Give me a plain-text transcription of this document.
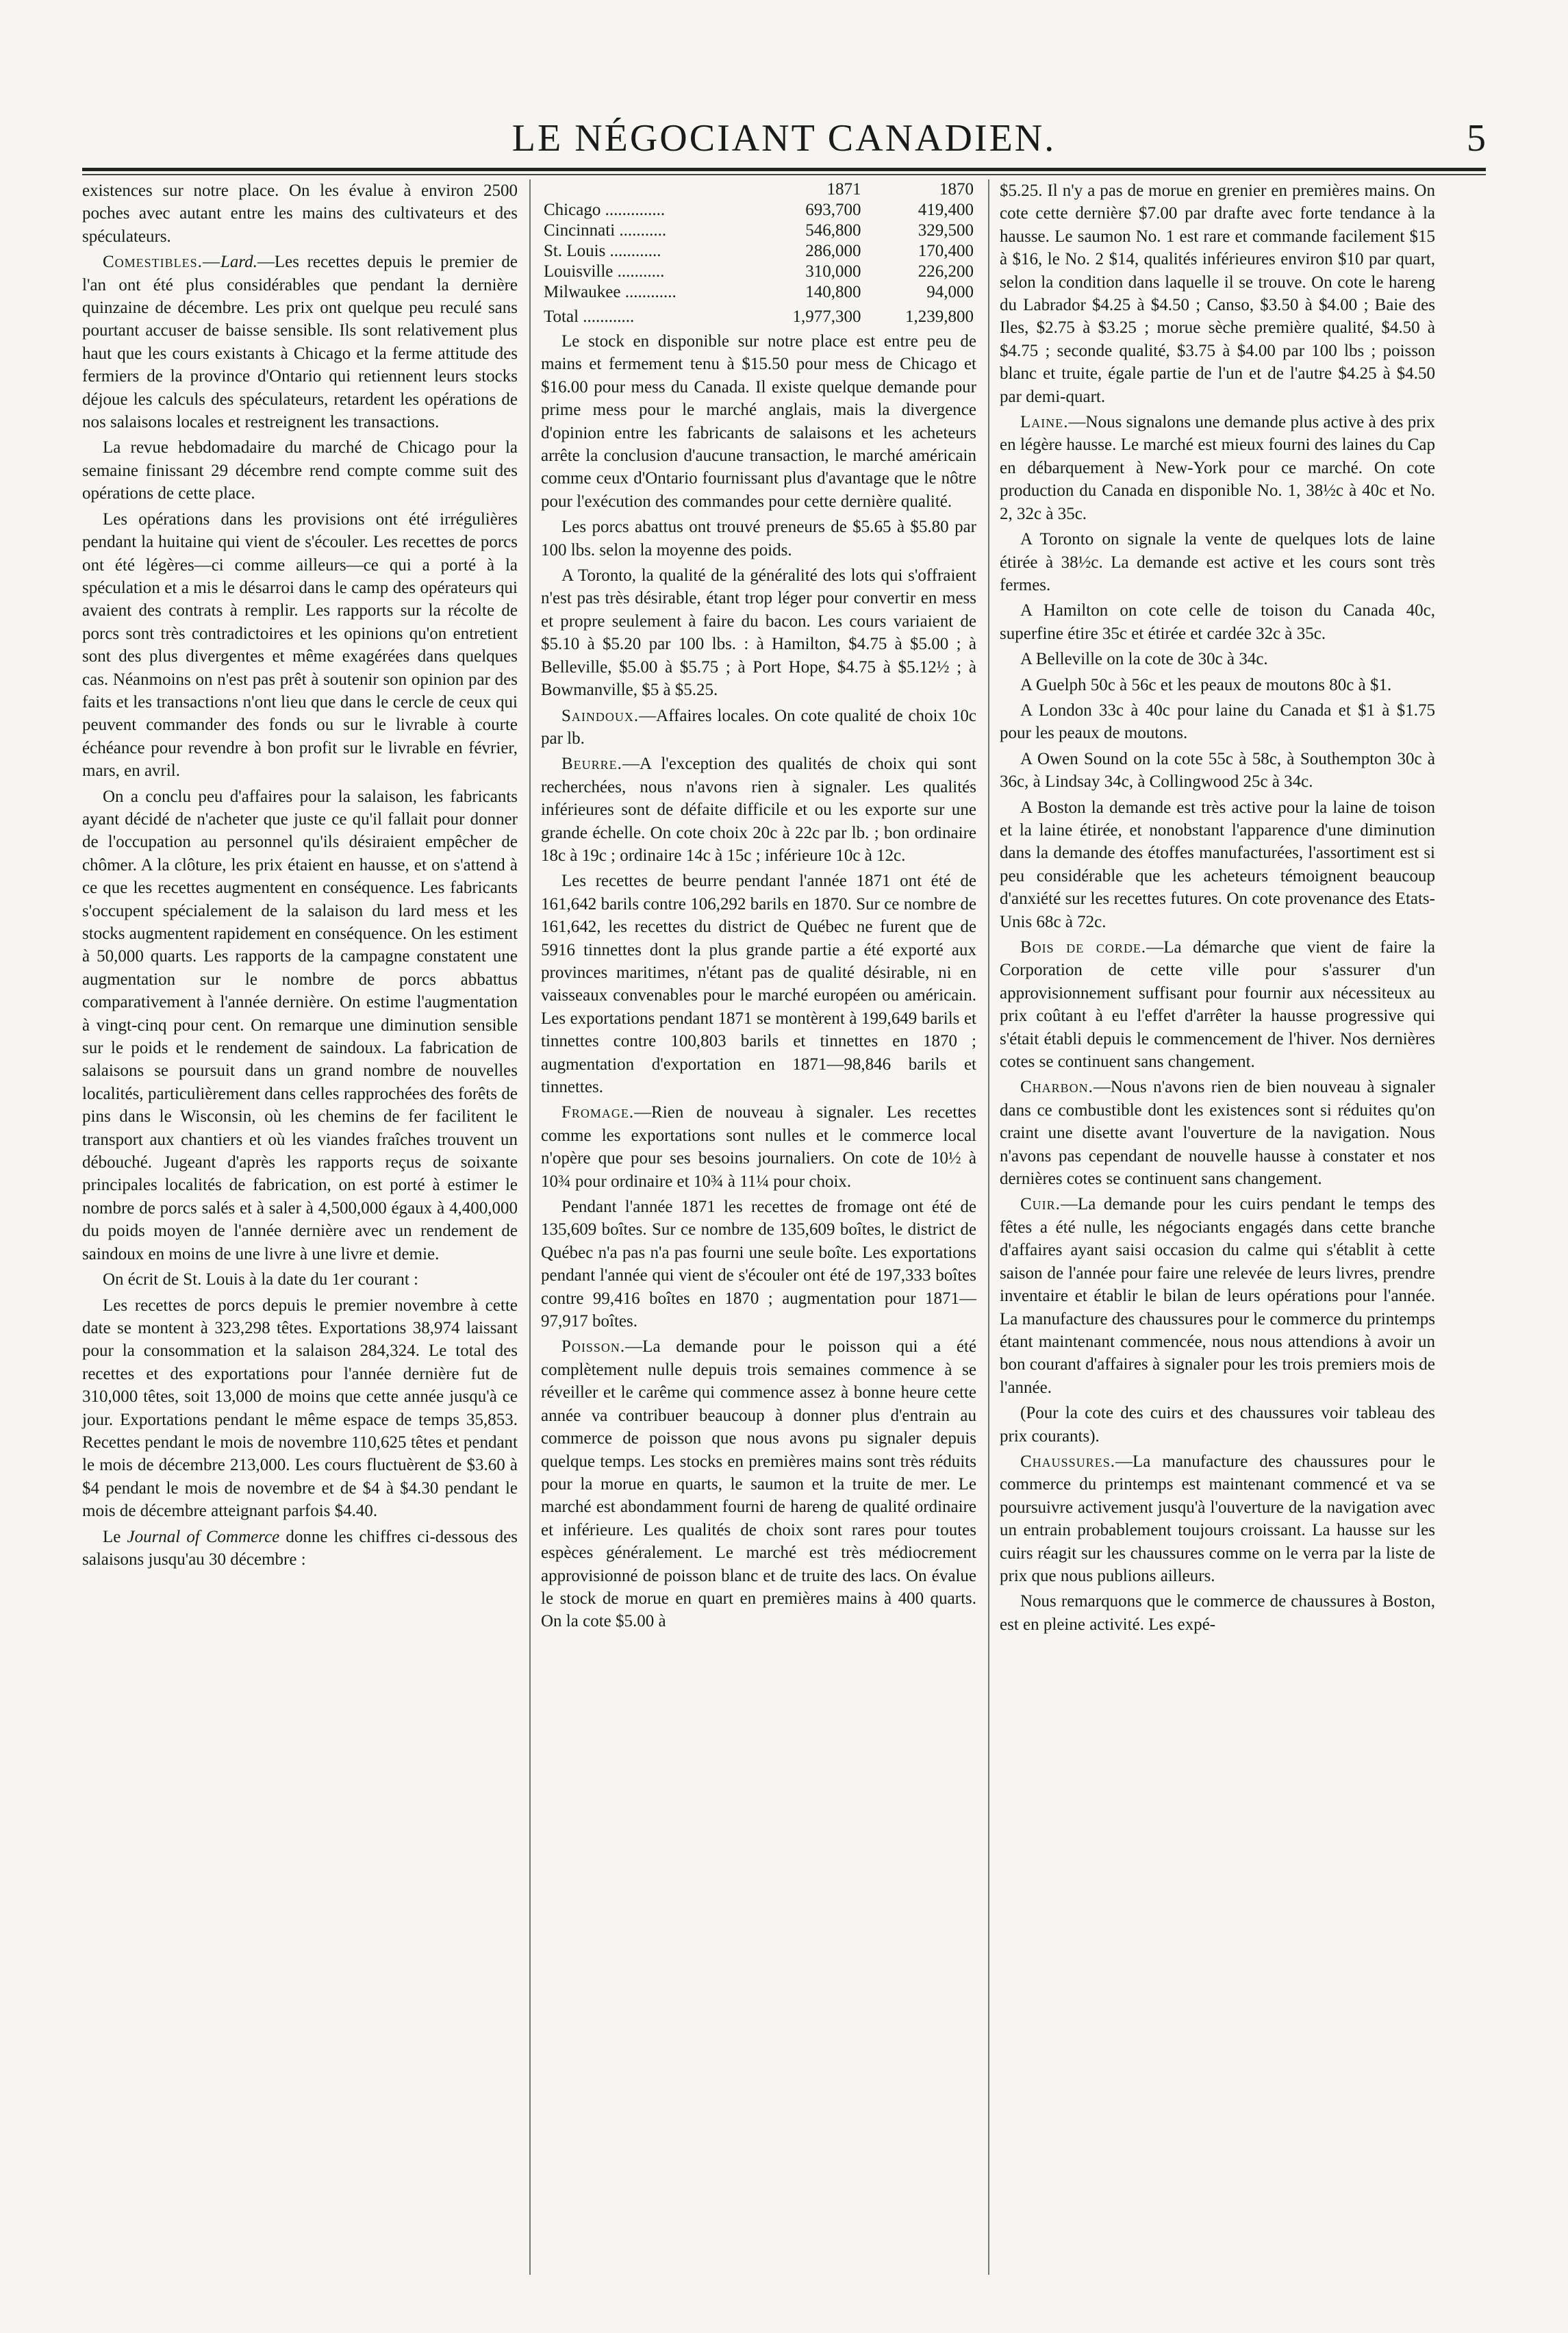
LE NÉGOCIANT CANADIEN.	5

existences sur notre place. On les évalue à environ 2500 poches avec autant entre les mains des cultivateurs et des spéculateurs.

Comestibles.—Lard.—Les recettes depuis le premier de l'an ont été plus considérables que pendant la dernière quinzaine de décembre. Les prix ont quelque peu reculé sans pourtant accuser de baisse sensible. Ils sont relativement plus haut que les cours existants à Chicago et la ferme attitude des fermiers de la province d'Ontario qui retiennent leurs stocks déjoue les calculs des spéculateurs, retardent les opérations de nos salaisons locales et restreignent les transactions.

La revue hebdomadaire du marché de Chicago pour la semaine finissant 29 décembre rend compte comme suit des opérations de cette place.

Les opérations dans les provisions ont été irrégulières pendant la huitaine qui vient de s'écouler. Les recettes de porcs ont été légères—ci comme ailleurs—ce qui a porté à la spéculation et a mis le désarroi dans le camp des opérateurs qui avaient des contrats à remplir. Les rapports sur la récolte de porcs sont très contradictoires et les opinions qu'on entretient sont des plus divergentes et même exagérées dans quelques cas. Néanmoins on n'est pas prêt à soutenir son opinion par des faits et les transactions n'ont lieu que dans le cercle de ceux qui peuvent commander des fonds ou sur le livrable à courte échéance pour revendre à bon profit sur le livrable en février, mars, en avril.

On a conclu peu d'affaires pour la salaison, les fabricants ayant décidé de n'acheter que juste ce qu'il fallait pour donner de l'occupation au personnel qu'ils désiraient empêcher de chômer. A la clôture, les prix étaient en hausse, et on s'attend à ce que les recettes augmentent en conséquence. Les fabricants s'occupent spécialement de la salaison du lard mess et les stocks augmentent rapidement en conséquence. On les estiment à 50,000 quarts. Les rapports de la campagne constatent une augmentation sur le nombre de porcs abbattus comparativement à l'année dernière. On estime l'augmentation à vingt-cinq pour cent. On remarque une diminution sensible sur le poids et le rendement de saindoux. La fabrication de salaisons se poursuit dans un grand nombre de nouvelles localités, particulièrement dans celles rapprochées des forêts de pins dans le Wisconsin, où les chemins de fer facilitent le transport aux chantiers et où les viandes fraîches trouvent un débouché. Jugeant d'après les rapports reçus de soixante principales localités de fabrication, on est porté à estimer le nombre de porcs salés et à saler à 4,500,000 égaux à 4,400,000 du poids moyen de l'année dernière avec un rendement de saindoux en moins de une livre à une livre et demie.

On écrit de St. Louis à la date du 1er courant :

Les recettes de porcs depuis le premier novembre à cette date se montent à 323,298 têtes. Exportations 38,974 laissant pour la consommation et la salaison 284,324. Le total des recettes et des exportations pour l'année dernière fut de 310,000 têtes, soit 13,000 de moins que cette année jusqu'à ce jour. Exportations pendant le même espace de temps 35,853. Recettes pendant le mois de novembre 110,625 têtes et pendant le mois de décembre 213,000. Les cours fluctuèrent de $3.60 à $4 pendant le mois de novembre et de $4 à $4.30 pendant le mois de décembre atteignant parfois $4.40.

Le Journal of Commerce donne les chiffres ci-dessous des salaisons jusqu'au 30 décembre :

	1871	1870
Chicago ..............	693,700	419,400
Cincinnati ...........	546,800	329,500
St. Louis ............	286,000	170,400
Louisville ...........	310,000	226,200
Milwaukee ............	140,800	94,000
Total ............	1,977,300	1,239,800

Le stock en disponible sur notre place est entre peu de mains et fermement tenu à $15.50 pour mess de Chicago et $16.00 pour mess du Canada. Il existe quelque demande pour prime mess pour le marché anglais, mais la divergence d'opinion entre les fabricants de salaisons et les acheteurs arrête la conclusion d'aucune transaction, le marché américain comme ceux d'Ontario fournissant plus d'avantage que le nôtre pour l'exécution des commandes pour cette dernière qualité.

Les porcs abattus ont trouvé preneurs de $5.65 à $5.80 par 100 lbs. selon la moyenne des poids.

A Toronto, la qualité de la généralité des lots qui s'offraient n'est pas très désirable, étant trop léger pour convertir en mess et propre seulement à faire du bacon. Les cours variaient de $5.10 à $5.20 par 100 lbs. : à Hamilton, $4.75 à $5.00 ; à Belleville, $5.00 à $5.75 ; à Port Hope, $4.75 à $5.12½ ; à Bowmanville, $5 à $5.25.

Saindoux.—Affaires locales. On cote qualité de choix 10c par lb.

Beurre.—A l'exception des qualités de choix qui sont recherchées, nous n'avons rien à signaler. Les qualités inférieures sont de défaite difficile et ou les exporte sur une grande échelle. On cote choix 20c à 22c par lb. ; bon ordinaire 18c à 19c ; ordinaire 14c à 15c ; inférieure 10c à 12c.

Les recettes de beurre pendant l'année 1871 ont été de 161,642 barils contre 106,292 barils en 1870. Sur ce nombre de 161,642, les recettes du district de Québec ne furent que de 5916 tinnettes dont la plus grande partie a été exporté aux provinces maritimes, n'étant pas de qualité désirable, ni en vaisseaux convenables pour le marché européen ou américain. Les exportations pendant 1871 se montèrent à 199,649 barils et tinnettes contre 100,803 barils et tinnettes en 1870 ; augmentation d'exportation en 1871—98,846 barils et tinnettes.

Fromage.—Rien de nouveau à signaler. Les recettes comme les exportations sont nulles et le commerce local n'opère que pour ses besoins journaliers. On cote de 10½ à 10¾ pour ordinaire et 10¾ à 11¼ pour choix.

Pendant l'année 1871 les recettes de fromage ont été de 135,609 boîtes. Sur ce nombre de 135,609 boîtes, le district de Québec n'a pas n'a pas fourni une seule boîte. Les exportations pendant l'année qui vient de s'écouler ont été de 197,333 boîtes contre 99,416 boîtes en 1870 ; augmentation pour 1871—97,917 boîtes.

Poisson.—La demande pour le poisson qui a été complètement nulle depuis trois semaines commence à se réveiller et le carême qui commence assez à bonne heure cette année va contribuer beaucoup à donner plus d'entrain au commerce de poisson que nous avons pu signaler depuis quelque temps. Les stocks en premières mains sont très réduits pour la morue en quarts, le saumon et la truite de mer. Le marché est abondamment fourni de hareng de qualité ordinaire et inférieure. Les qualités de choix sont rares pour toutes espèces généralement. Le marché est très médiocrement approvisionné de poisson blanc et de truite des lacs. On évalue le stock de morue en quart en premières mains à 400 quarts. On la cote $5.00 à

$5.25. Il n'y a pas de morue en grenier en premières mains. On cote cette dernière $7.00 par drafte avec forte tendance à la hausse. Le saumon No. 1 est rare et commande facilement $15 à $16, le No. 2 $14, qualités inférieures environ $10 par quart, selon la condition dans laquelle il se trouve. On cote le hareng du Labrador $4.25 à $4.50 ; Canso, $3.50 à $4.00 ; Baie des Iles, $2.75 à $3.25 ; morue sèche première qualité, $4.50 à $4.75 ; seconde qualité, $3.75 à $4.00 par 100 lbs ; poisson blanc et truite, égale partie de l'un et de l'autre $4.25 à $4.50 par demi-quart.

Laine.—Nous signalons une demande plus active à des prix en légère hausse. Le marché est mieux fourni des laines du Cap en débarquement à New-York pour ce marché. On cote production du Canada en disponible No. 1, 38½c à 40c et No. 2, 32c à 35c.

A Toronto on signale la vente de quelques lots de laine étirée à 38½c. La demande est active et les cours sont très fermes.

A Hamilton on cote celle de toison du Canada 40c, superfine étire 35c et étirée et cardée 32c à 35c.

A Belleville on la cote de 30c à 34c.

A Guelph 50c à 56c et les peaux de moutons 80c à $1.

A London 33c à 40c pour laine du Canada et $1 à $1.75 pour les peaux de moutons.

A Owen Sound on la cote 55c à 58c, à Southempton 30c à 36c, à Lindsay 34c, à Collingwood 25c à 34c.

A Boston la demande est très active pour la laine de toison et la laine étirée, et nonobstant l'apparence d'une diminution dans la demande des étoffes manufacturées, l'assortiment est si peu considérable que les acheteurs témoignent beaucoup d'anxiété sur les recettes futures. On cote provenance des Etats-Unis 68c à 72c.

Bois de corde.—La démarche que vient de faire la Corporation de cette ville pour s'assurer d'un approvisionnement suffisant pour fournir aux nécessiteux au prix coûtant à eu l'effet d'arrêter la hausse progressive qui s'était établi depuis le commencement de l'hiver. Nos dernières cotes se continuent sans changement.

Charbon.—Nous n'avons rien de bien nouveau à signaler dans ce combustible dont les existences sont si réduites qu'on craint une disette avant l'ouverture de la navigation. Nous n'avons pas cependant de nouvelle hausse à constater et nos dernières cotes se continuent sans changement.

Cuir.—La demande pour les cuirs pendant le temps des fêtes a été nulle, les négociants engagés dans cette branche d'affaires ayant saisi occasion du calme qui s'établit à cette saison de l'année pour faire une relevée de leurs livres, prendre inventaire et établir le bilan de leurs opérations pour l'année. La manufacture des chaussures pour le commerce du printemps étant maintenant commencée, nous nous attendions à avoir un bon courant d'affaires à signaler pour les trois premiers mois de l'année.

(Pour la cote des cuirs et des chaussures voir tableau des prix courants).

Chaussures.—La manufacture des chaussures pour le commerce du printemps est maintenant commencé et va se poursuivre activement jusqu'à l'ouverture de la navigation avec un entrain probablement toujours croissant. La hausse sur les cuirs réagit sur les chaussures comme on le verra par la liste de prix que nous publions ailleurs.

Nous remarquons que le commerce de chaussures à Boston, est en pleine activité. Les expé-
